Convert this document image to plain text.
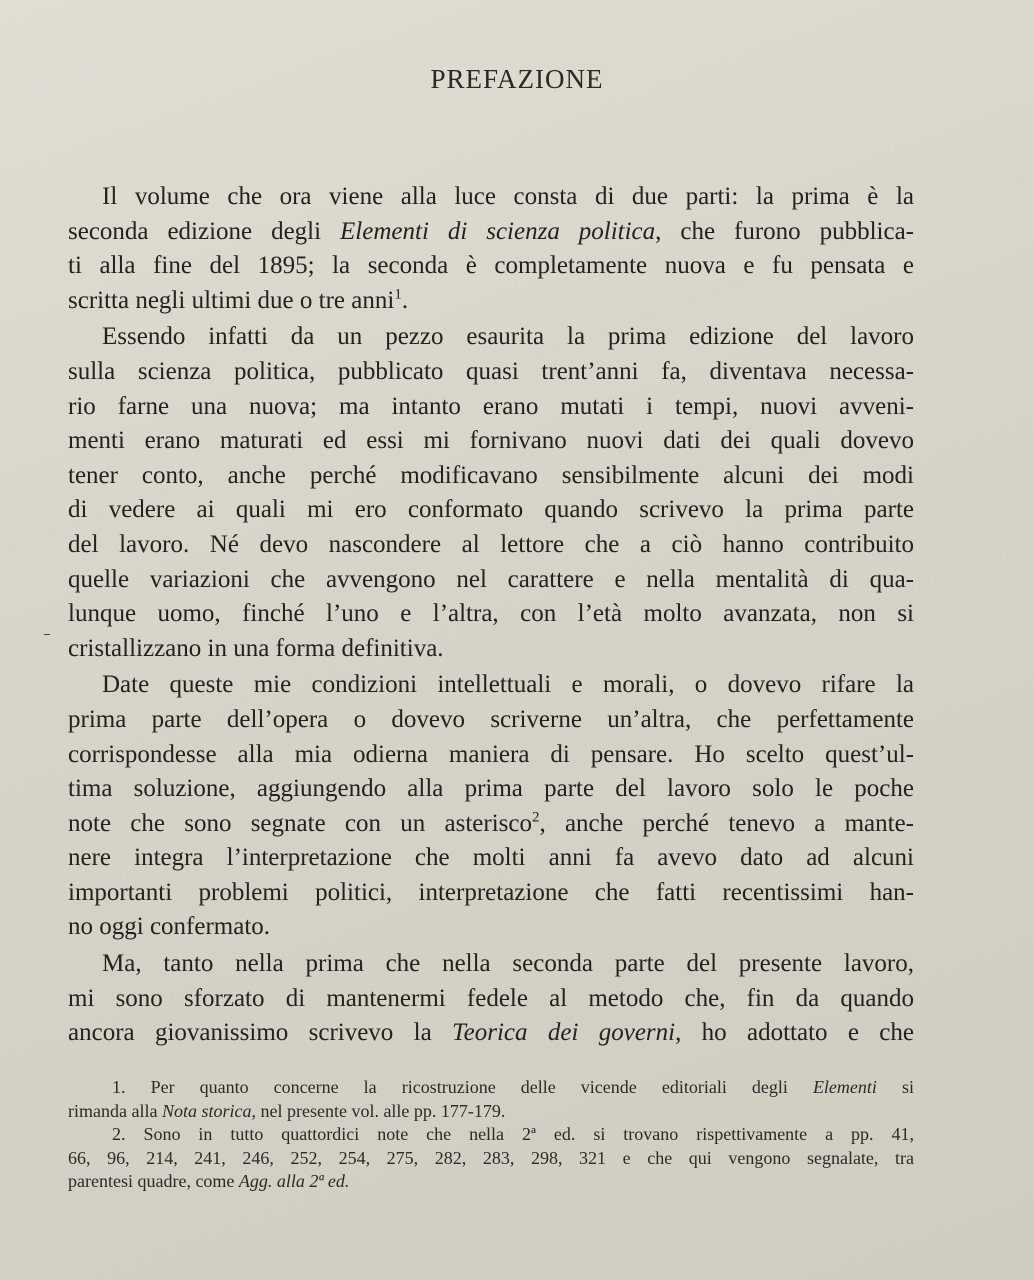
PREFAZIONE
Il volume che ora viene alla luce consta di due parti: la prima è la
seconda edizione degli Elementi di scienza politica, che furono pubblica-
ti alla fine del 1895; la seconda è completamente nuova e fu pensata e
scritta negli ultimi due o tre anni$^1$.
Essendo infatti da un pezzo esaurita la prima edizione del lavoro
sulla scienza politica, pubblicato quasi trent’anni fa, diventava necessa-
rio farne una nuova; ma intanto erano mutati i tempi, nuovi avveni-
menti erano maturati ed essi mi fornivano nuovi dati dei quali dovevo
tener conto, anche perché modificavano sensibilmente alcuni dei modi
di vedere ai quali mi ero conformato quando scrivevo la prima parte
del lavoro. Né devo nascondere al lettore che a ciò hanno contribuito
quelle variazioni che avvengono nel carattere e nella mentalità di qua-
lunque uomo, finché l’uno e l’altra, con l’età molto avanzata, non si
cristallizzano in una forma definitiva.
Date queste mie condizioni intellettuali e morali, o dovevo rifare la
prima parte dell’opera o dovevo scriverne un’altra, che perfettamente
corrispondesse alla mia odierna maniera di pensare. Ho scelto quest’ul-
tima soluzione, aggiungendo alla prima parte del lavoro solo le poche
note che sono segnate con un asterisco$^2$, anche perché tenevo a mante-
nere integra l’interpretazione che molti anni fa avevo dato ad alcuni
importanti problemi politici, interpretazione che fatti recentissimi han-
no oggi confermato.
Ma, tanto nella prima che nella seconda parte del presente lavoro,
mi sono sforzato di mantenermi fedele al metodo che, fin da quando
ancora giovanissimo scrivevo la Teorica dei governi, ho adottato e che
1. Per quanto concerne la ricostruzione delle vicende editoriali degli Elementi si
rimanda alla Nota storica, nel presente vol. alle pp. 177-179.
2. Sono in tutto quattordici note che nella 2ª ed. si trovano rispettivamente a pp. 41,
66, 96, 214, 241, 246, 252, 254, 275, 282, 283, 298, 321 e che qui vengono segnalate, tra
parentesi quadre, come Agg. alla 2ª ed.
